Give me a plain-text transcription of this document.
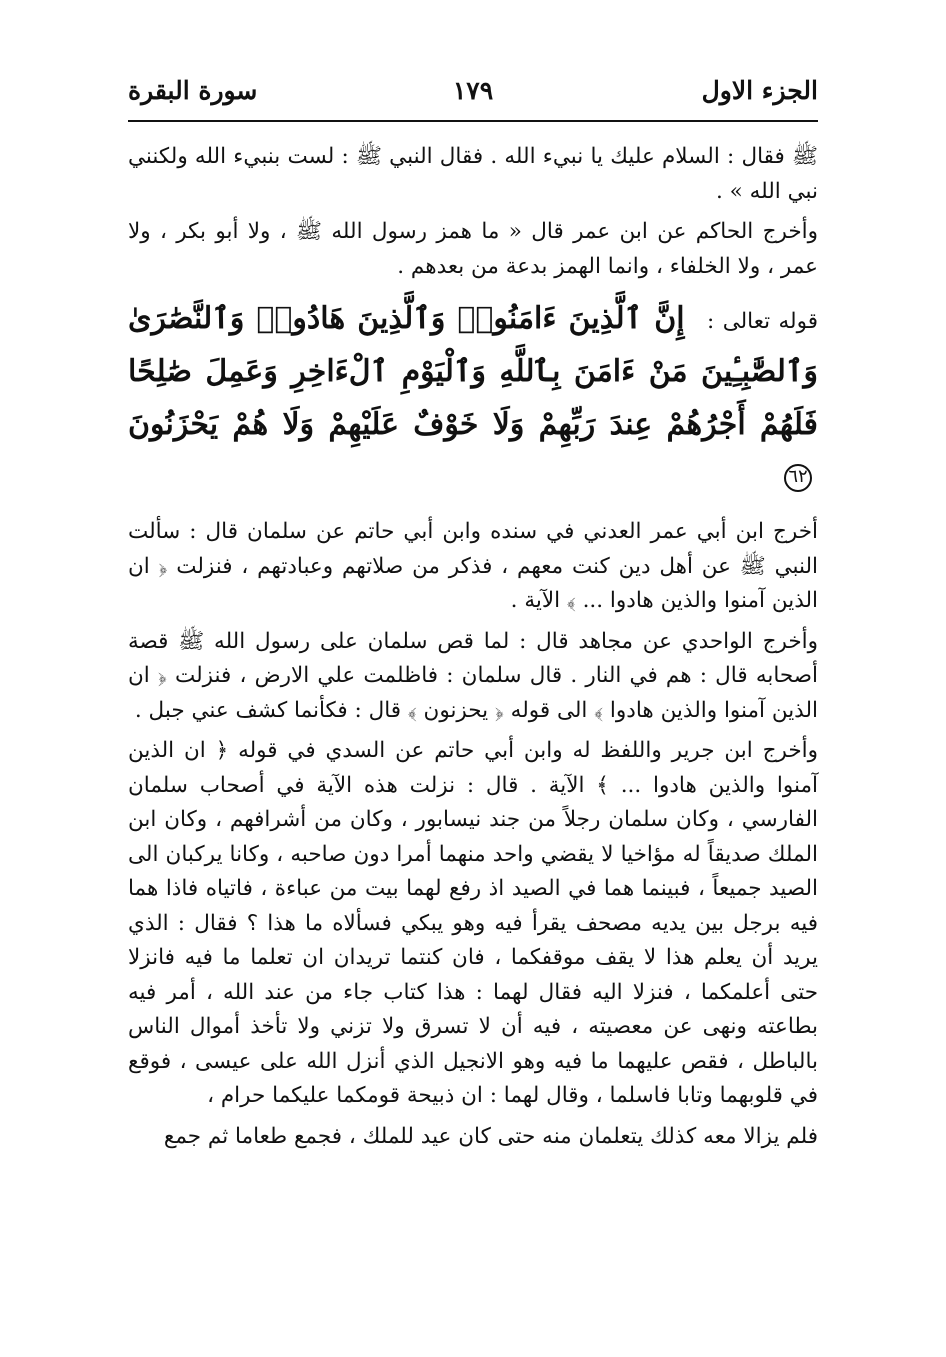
الجزء الاول
١٧٩
سورة البقرة

ﷺ فقال : السلام عليك يا نبيء الله . فقال النبي ﷺ : لست بنبيء الله ولكنني نبي الله » .

وأخرج الحاكم عن ابن عمر قال « ما همز رسول الله ﷺ ، ولا أبو بكر ، ولا عمر ، ولا الخلفاء ، وانما الهمز بدعة من بعدهم .

قوله تعالى : إِنَّ ٱلَّذِينَ ءَامَنُوا۟ وَٱلَّذِينَ هَادُوا۟ وَٱلنَّصَٰرَىٰ وَٱلصَّٰبِـِٔينَ مَنْ ءَامَنَ بِٱللَّهِ وَٱلْيَوْمِ ٱلْءَاخِرِ وَعَمِلَ صَٰلِحًا فَلَهُمْ أَجْرُهُمْ عِندَ رَبِّهِمْ وَلَا خَوْفٌ عَلَيْهِمْ وَلَا هُمْ يَحْزَنُونَ ٦٢

أخرج ابن أبي عمر العدني في سنده وابن أبي حاتم عن سلمان قال : سألت النبي ﷺ عن أهل دين كنت معهم ، فذكر من صلاتهم وعبادتهم ، فنزلت ﴿ ان الذين آمنوا والذين هادوا ... ﴾ الآية .

وأخرج الواحدي عن مجاهد قال : لما قص سلمان على رسول الله ﷺ قصة أصحابه قال : هم في النار . قال سلمان : فاظلمت علي الارض ، فنزلت ﴿ ان الذين آمنوا والذين هادوا ﴾ الى قوله ﴿ يحزنون ﴾ قال : فكأنما كشف عني جبل .

وأخرج ابن جرير واللفظ له وابن أبي حاتم عن السدي في قوله ﴿ ان الذين آمنوا والذين هادوا ... ﴾ الآية . قال : نزلت هذه الآية في أصحاب سلمان الفارسي ، وكان سلمان رجلاً من جند نيسابور ، وكان من أشرافهم ، وكان ابن الملك صديقاً له مؤاخيا لا يقضي واحد منهما أمرا دون صاحبه ، وكانا يركبان الى الصيد جميعاً ، فبينما هما في الصيد اذ رفع لهما بيت من عباءة ، فاتياه فاذا هما فيه برجل بين يديه مصحف يقرأ فيه وهو يبكي فسألاه ما هذا ؟ فقال : الذي يريد أن يعلم هذا لا يقف موقفكما ، فان كنتما تريدان ان تعلما ما فيه فانزلا حتى أعلمكما ، فنزلا اليه فقال لهما : هذا كتاب جاء من عند الله ، أمر فيه بطاعته ونهى عن معصيته ، فيه أن لا تسرق ولا تزني ولا تأخذ أموال الناس بالباطل ، فقص عليهما ما فيه وهو الانجيل الذي أنزل الله على عيسى ، فوقع في قلوبهما وتابا فاسلما ، وقال لهما : ان ذبيحة قومكما عليكما حرام ،

فلم يزالا معه كذلك يتعلمان منه حتى كان عيد للملك ، فجمع طعاما ثم جمع
